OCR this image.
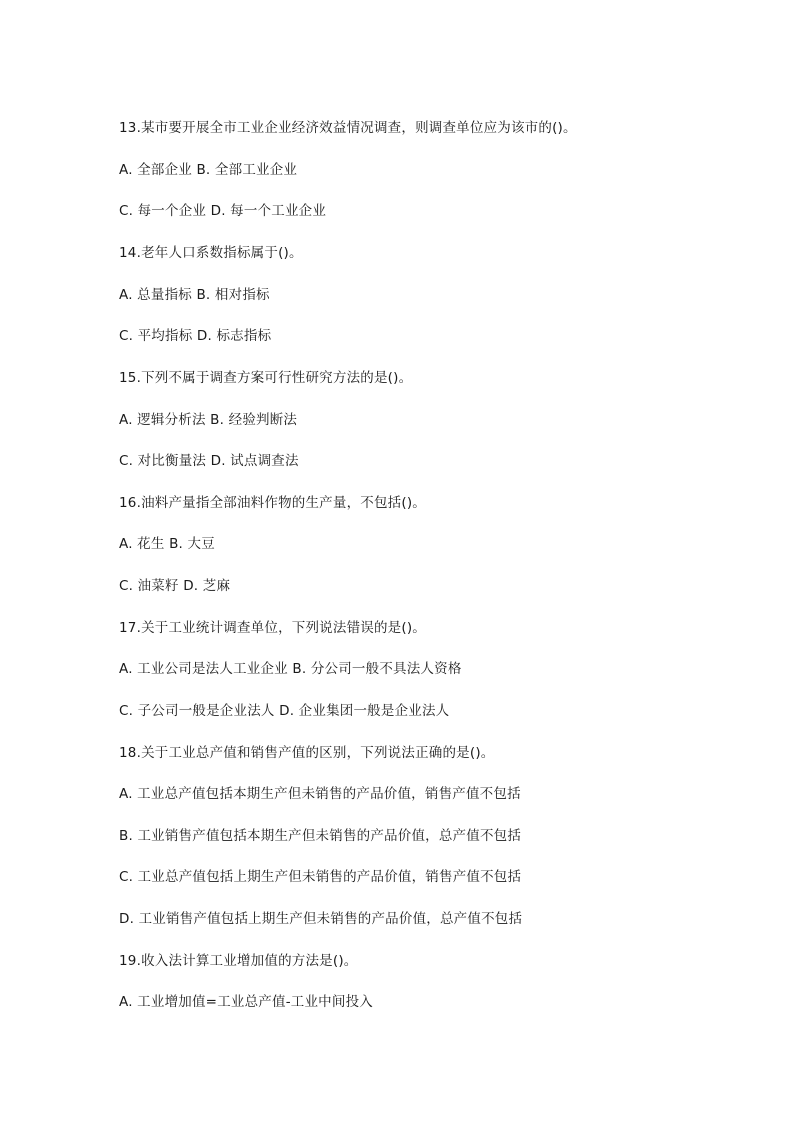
13.某市要开展全市工业企业经济效益情况调查，则调查单位应为该市的()。
A. 全部企业 B. 全部工业企业
C. 每一个企业 D. 每一个工业企业
14.老年人口系数指标属于()。
A. 总量指标 B. 相对指标
C. 平均指标 D. 标志指标
15.下列不属于调查方案可行性研究方法的是()。
A. 逻辑分析法 B. 经验判断法
C. 对比衡量法 D. 试点调查法
16.油料产量指全部油料作物的生产量，不包括()。
A. 花生 B. 大豆
C. 油菜籽 D. 芝麻
17.关于工业统计调查单位，下列说法错误的是()。
A. 工业公司是法人工业企业 B. 分公司一般不具法人资格
C. 子公司一般是企业法人 D. 企业集团一般是企业法人
18.关于工业总产值和销售产值的区别，下列说法正确的是()。
A. 工业总产值包括本期生产但未销售的产品价值，销售产值不包括
B. 工业销售产值包括本期生产但未销售的产品价值，总产值不包括
C. 工业总产值包括上期生产但未销售的产品价值，销售产值不包括
D. 工业销售产值包括上期生产但未销售的产品价值，总产值不包括
19.收入法计算工业增加值的方法是()。
A. 工业增加值=工业总产值-工业中间投入
